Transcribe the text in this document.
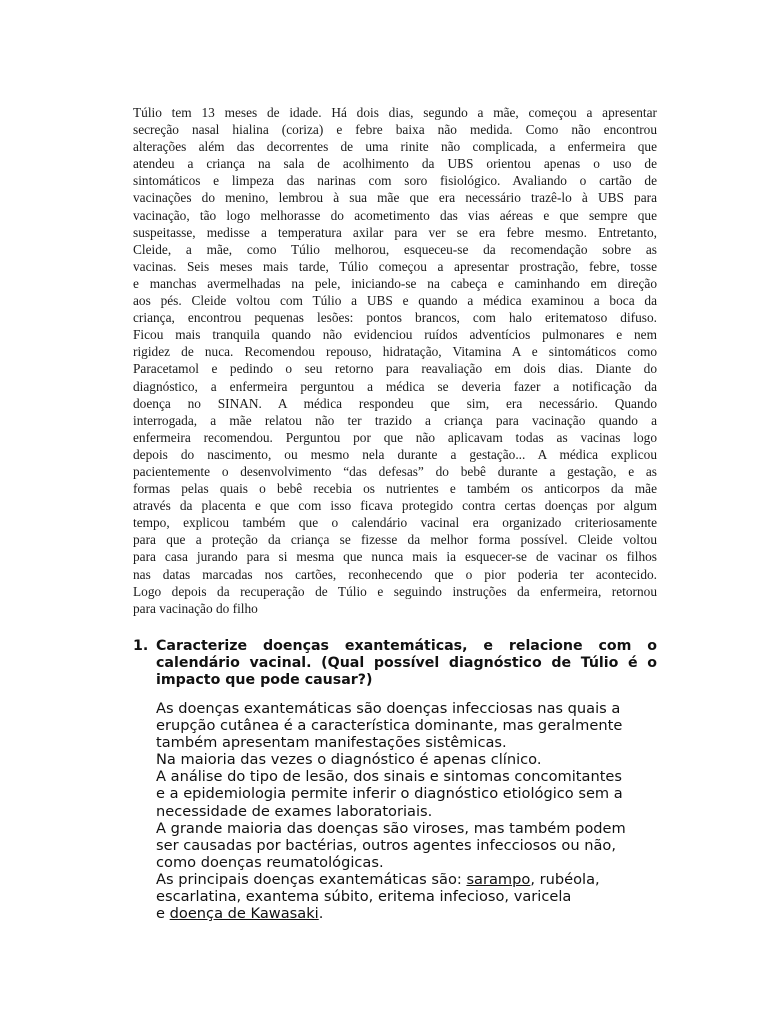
Túlio tem 13 meses de idade. Há dois dias, segundo a mãe, começou a apresentar
secreção nasal hialina (coriza) e febre baixa não medida. Como não encontrou
alterações além das decorrentes de uma rinite não complicada, a enfermeira que
atendeu a criança na sala de acolhimento da UBS orientou apenas o uso de
sintomáticos e limpeza das narinas com soro fisiológico. Avaliando o cartão de
vacinações do menino, lembrou à sua mãe que era necessário trazê-lo à UBS para
vacinação, tão logo melhorasse do acometimento das vias aéreas e que sempre que
suspeitasse, medisse a temperatura axilar para ver se era febre mesmo. Entretanto,
Cleide, a mãe, como Túlio melhorou, esqueceu-se da recomendação sobre as
vacinas. Seis meses mais tarde, Túlio começou a apresentar prostração, febre, tosse
e manchas avermelhadas na pele, iniciando-se na cabeça e caminhando em direção
aos pés. Cleide voltou com Túlio a UBS e quando a médica examinou a boca da
criança, encontrou pequenas lesões: pontos brancos, com halo eritematoso difuso.
Ficou mais tranquila quando não evidenciou ruídos adventícios pulmonares e nem
rigidez de nuca. Recomendou repouso, hidratação, Vitamina A e sintomáticos como
Paracetamol e pedindo o seu retorno para reavaliação em dois dias. Diante do
diagnóstico, a enfermeira perguntou a médica se deveria fazer a notificação da
doença no SINAN. A médica respondeu que sim, era necessário. Quando
interrogada, a mãe relatou não ter trazido a criança para vacinação quando a
enfermeira recomendou. Perguntou por que não aplicavam todas as vacinas logo
depois do nascimento, ou mesmo nela durante a gestação... A médica explicou
pacientemente o desenvolvimento “das defesas” do bebê durante a gestação, e as
formas pelas quais o bebê recebia os nutrientes e também os anticorpos da mãe
através da placenta e que com isso ficava protegido contra certas doenças por algum
tempo, explicou também que o calendário vacinal era organizado criteriosamente
para que a proteção da criança se fizesse da melhor forma possível. Cleide voltou
para casa jurando para si mesma que nunca mais ia esquecer-se de vacinar os filhos
nas datas marcadas nos cartões, reconhecendo que o pior poderia ter acontecido.
Logo depois da recuperação de Túlio e seguindo instruções da enfermeira, retornou
para vacinação do filho
1. Caracterize doenças exantemáticas, e relacione com o
calendário vacinal. (Qual possível diagnóstico de Túlio é o
impacto que pode causar?)
As doenças exantemáticas são doenças infecciosas nas quais a
erupção cutânea é a característica dominante, mas geralmente
também apresentam manifestações sistêmicas.
Na maioria das vezes o diagnóstico é apenas clínico.
A análise do tipo de lesão, dos sinais e sintomas concomitantes
e a epidemiologia permite inferir o diagnóstico etiológico sem a
necessidade de exames laboratoriais.
A grande maioria das doenças são viroses, mas também podem
ser causadas por bactérias, outros agentes infecciosos ou não,
como doenças reumatológicas.
As principais doenças exantemáticas são: sarampo, rubéola,
escarlatina, exantema súbito, eritema infecioso, varicela
e doença de Kawasaki.
